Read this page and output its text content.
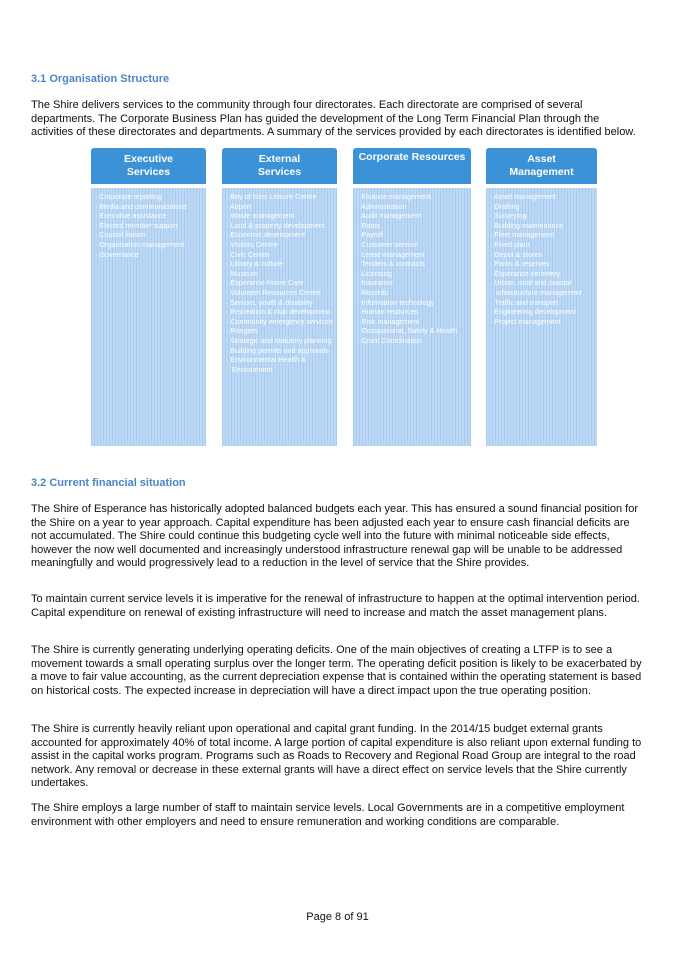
3.1 Organisation Structure

The Shire delivers services to the community through four directorates. Each directorate are comprised of several departments. The Corporate Business Plan has guided the development of the Long Term Financial Plan through the activities of these directorates and departments. A summary of the services provided by each directorates is identified below.

Executive
Services
· Corporate reporting
· Media and communications
· Executive assistance
· Elected member support
· Council liaison
· Organisation management
· Governance
External
Services
· Bay of Isles Leisure Centre
· Airport
· Waste management
· Land & property development
· Economic development
· Visitors Centre
· Civic Centre
· Library & culture
· Museum
· Esperance Home Care
· Volunteer Resources Centre
· Seniors, youth & disability
· Recreation & club development
· Community emergency services
· Rangers
· Strategic and statutory planning
· Building permits and approvals
· Environmental Health & Environment
Corporate Resources
· Finance management
· Administration
· Audit management
· Rates
· Payroll
· Customer service
· Lease management
· Tenders & contracts
· Licensing
· Insurance
· Records
· Information technology
· Human resources
· Risk management
· Occupational, Safety & Health
· Grant Coordination
Asset
Management
· Asset management
· Drafting
· Surveying
· Building maintenance
· Fleet management
· Fixed plant
· Depot & stores
· Parks & reserves
· Esperance cemetery
· Urban, rural and coastal infrastructure management
· Traffic and transport
· Engineering development
· Project management
3.2 Current financial situation

The Shire of Esperance has historically adopted balanced budgets each year. This has ensured a sound financial position for the Shire on a year to year approach. Capital expenditure has been adjusted each year to ensure cash financial deficits are not accumulated. The Shire could continue this budgeting cycle well into the future with minimal noticeable side effects, however the now well documented and increasingly understood infrastructure renewal gap will be unable to be addressed meaningfully and would progressively lead to a reduction in the level of service that the Shire provides.

To maintain current service levels it is imperative for the renewal of infrastructure to happen at the optimal intervention period. Capital expenditure on renewal of existing infrastructure will need to increase and match the asset management plans.

The Shire is currently generating underlying operating deficits. One of the main objectives of creating a LTFP is to see a movement towards a small operating surplus over the longer term. The operating deficit position is likely to be exacerbated by a move to fair value accounting, as the current depreciation expense that is contained within the operating statement is based on historical costs. The expected increase in depreciation will have a direct impact upon the true operating position.

The Shire is currently heavily reliant upon operational and capital grant funding. In the 2014/15 budget external grants accounted for approximately 40% of total income. A large portion of capital expenditure is also reliant upon external funding to assist in the capital works program. Programs such as Roads to Recovery and Regional Road Group are integral to the road network. Any removal or decrease in these external grants will have a direct effect on service levels that the Shire currently undertakes.

The Shire employs a large number of staff to maintain service levels. Local Governments are in a competitive employment environment with other employers and need to ensure remuneration and working conditions are comparable.

Page 8 of 91
